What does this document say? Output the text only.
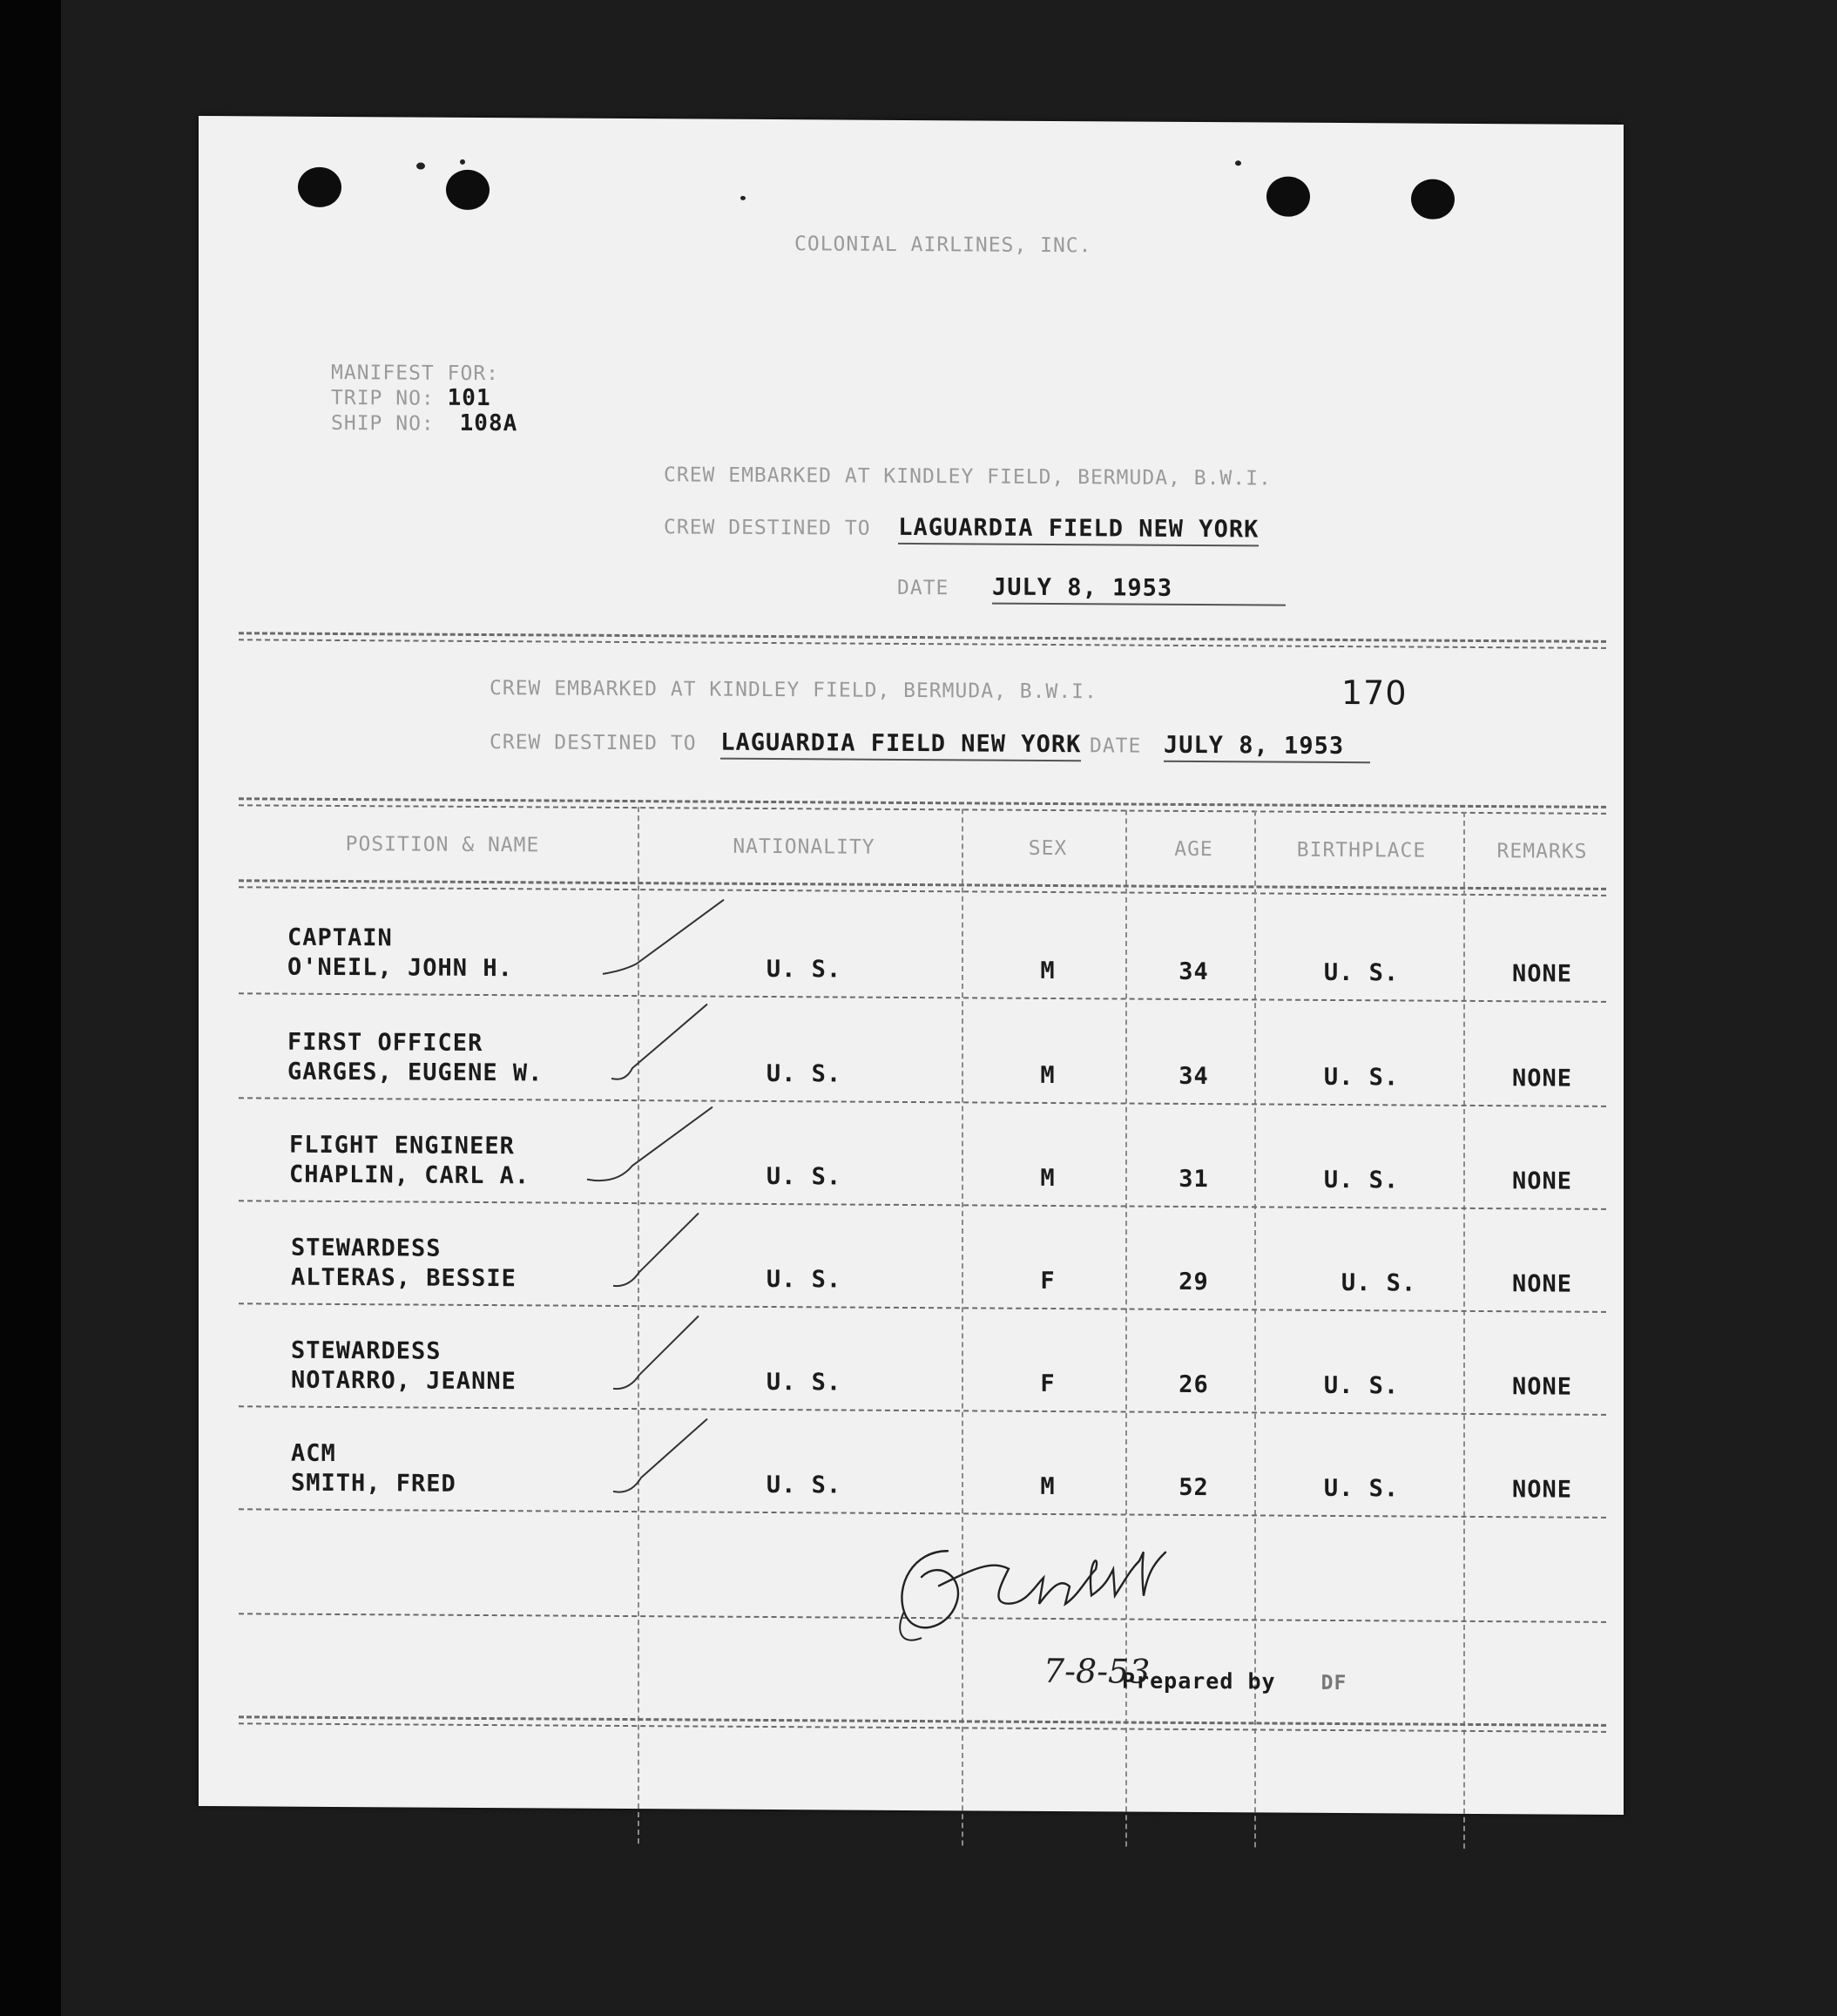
COLONIAL AIRLINES, INC.
MANIFEST FOR:
TRIP NO: 101
SHIP NO: 108A
CREW EMBARKED AT KINDLEY FIELD, BERMUDA, B.W.I.
CREW DESTINED TO LAGUARDIA FIELD NEW YORK
DATE JULY 8, 1953
CREW EMBARKED AT KINDLEY FIELD, BERMUDA, B.W.I.	170
CREW DESTINED TO LAGUARDIA FIELD NEW YORK DATE JULY 8, 1953
POSITION & NAME	NATIONALITY	SEX	AGE	BIRTHPLACE	REMARKS
CAPTAIN
O'NEIL, JOHN H.	U. S.	M	34	U. S.	NONE
FIRST OFFICER
GARGES, EUGENE W.	U. S.	M	34	U. S.	NONE
FLIGHT ENGINEER
CHAPLIN, CARL A.	U. S.	M	31	U. S.	NONE
STEWARDESS
ALTERAS, BESSIE	U. S.	F	29	U. S.	NONE
STEWARDESS
NOTARRO, JEANNE	U. S.	F	26	U. S.	NONE
ACM
SMITH, FRED	U. S.	M	52	U. S.	NONE
7-8-53
Prepared by DF
